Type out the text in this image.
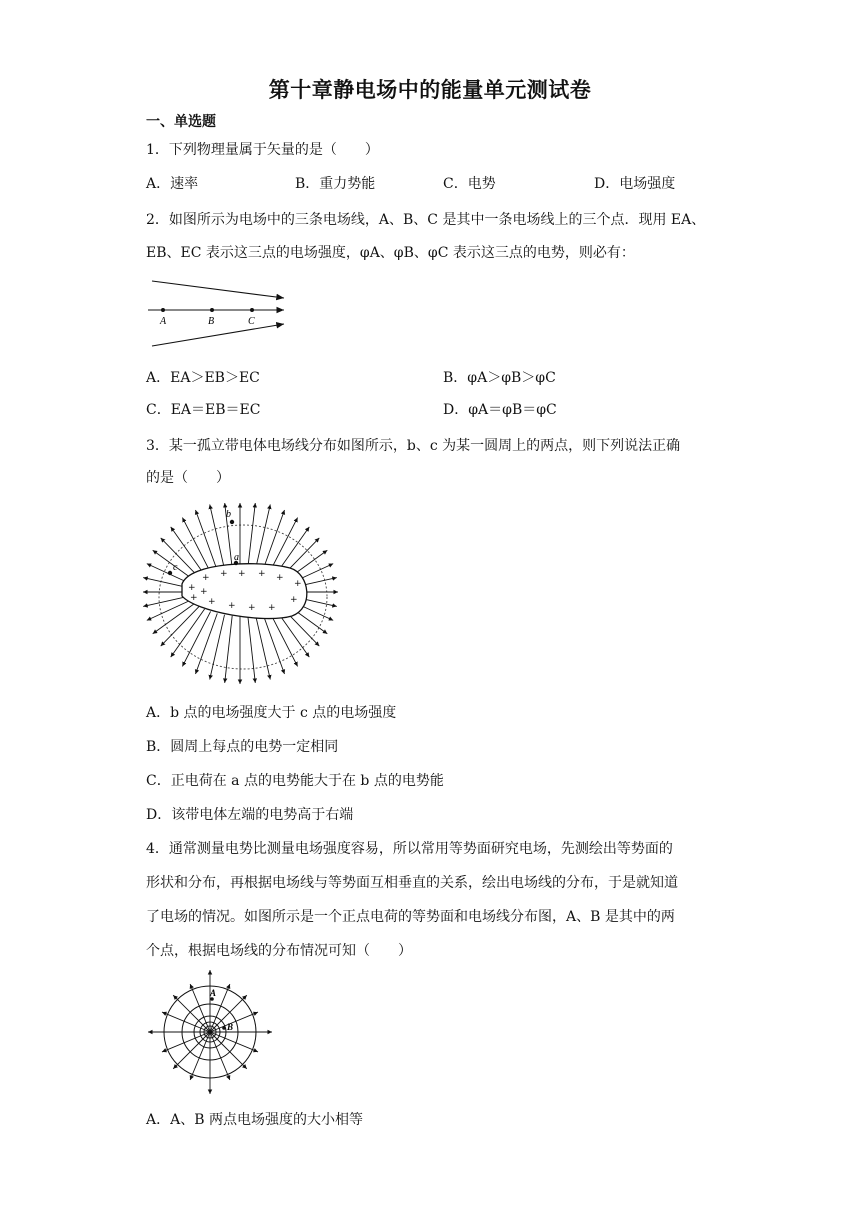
第十章静电场中的能量单元测试卷
一、单选题
1．下列物理量属于矢量的是（　　）
A．速率	B．重力势能	C．电势	D．电场强度
2．如图所示为电场中的三条电场线，A、B、C 是其中一条电场线上的三个点．现用 EA、
EB、EC 表示这三点的电场强度，φA、φB、φC 表示这三点的电势，则必有：
A	B	C
A．EA＞EB＞EC	B．φA＞φB＞φC
C．EA＝EB＝EC	D．φA＝φB＝φC
3．某一孤立带电体电场线分布如图所示，b、c 为某一圆周上的两点，则下列说法正确
的是（　　）
+
+ + + + +
+
+
+
+
+
+
+
+
b
a
c
A．b 点的电场强度大于 c 点的电场强度
B．圆周上每点的电势一定相同
C．正电荷在 a 点的电势能大于在 b 点的电势能
D．该带电体左端的电势高于右端
4．通常测量电势比测量电场强度容易，所以常用等势面研究电场，先测绘出等势面的
形状和分布，再根据电场线与等势面互相垂直的关系，绘出电场线的分布，于是就知道
了电场的情况。如图所示是一个正点电荷的等势面和电场线分布图，A、B 是其中的两
个点，根据电场线的分布情况可知（　　）
A
B
A．A、B 两点电场强度的大小相等
